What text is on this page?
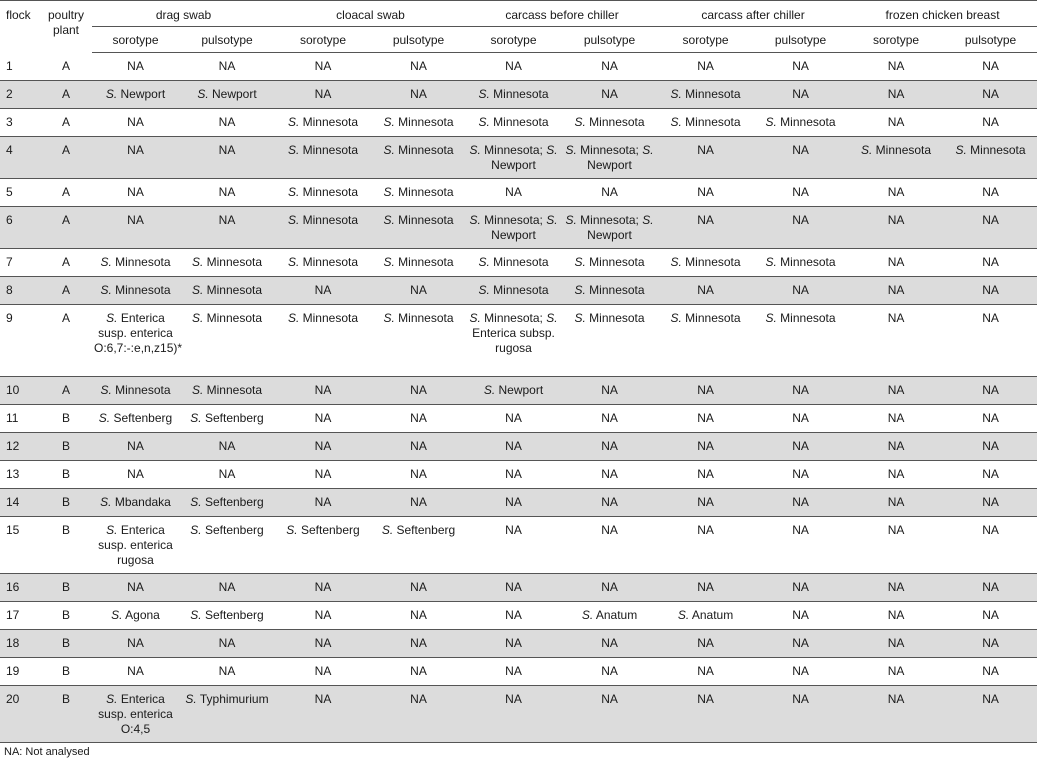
flock	poultry plant	drag swab		cloacal swab		carcass before chiller		carcass after chiller		frozen chicken breast	
		sorotype	pulsotype	sorotype	pulsotype	sorotype	pulsotype	sorotype	pulsotype	sorotype	pulsotype
1	A	NA	NA	NA	NA	NA	NA	NA	NA	NA	NA
2	A	S. Newport	S. Newport	NA	NA	S. Minnesota	NA	S. Minnesota	NA	NA	NA
3	A	NA	NA	S. Minnesota	S. Minnesota	S. Minnesota	S. Minnesota	S. Minnesota	S. Minnesota	NA	NA
4	A	NA	NA	S. Minnesota	S. Minnesota	S. Minnesota; S. Newport	S. Minnesota; S. Newport	NA	NA	S. Minnesota	S. Minnesota
5	A	NA	NA	S. Minnesota	S. Minnesota	NA	NA	NA	NA	NA	NA
6	A	NA	NA	S. Minnesota	S. Minnesota	S. Minnesota; S. Newport	S. Minnesota; S. Newport	NA	NA	NA	NA
7	A	S. Minnesota	S. Minnesota	S. Minnesota	S. Minnesota	S. Minnesota	S. Minnesota	S. Minnesota	S. Minnesota	NA	NA
8	A	S. Minnesota	S. Minnesota	NA	NA	S. Minnesota	S. Minnesota	NA	NA	NA	NA
9	A	S. Enterica susp. enterica O:6,7:-:e,n,z15)*	S. Minnesota	S. Minnesota	S. Minnesota	S. Minnesota; S. Enterica subsp. rugosa	S. Minnesota	S. Minnesota	S. Minnesota	NA	NA
10	A	S. Minnesota	S. Minnesota	NA	NA	S. Newport	NA	NA	NA	NA	NA
11	B	S. Seftenberg	S. Seftenberg	NA	NA	NA	NA	NA	NA	NA	NA
12	B	NA	NA	NA	NA	NA	NA	NA	NA	NA	NA
13	B	NA	NA	NA	NA	NA	NA	NA	NA	NA	NA
14	B	S. Mbandaka	S. Seftenberg	NA	NA	NA	NA	NA	NA	NA	NA
15	B	S. Enterica susp. enterica rugosa	S. Seftenberg	S. Seftenberg	S. Seftenberg	NA	NA	NA	NA	NA	NA
16	B	NA	NA	NA	NA	NA	NA	NA	NA	NA	NA
17	B	S. Agona	S. Seftenberg	NA	NA	NA	S. Anatum	S. Anatum	NA	NA	NA
18	B	NA	NA	NA	NA	NA	NA	NA	NA	NA	NA
19	B	NA	NA	NA	NA	NA	NA	NA	NA	NA	NA
20	B	S. Enterica susp. enterica O:4,5	S. Typhimurium	NA	NA	NA	NA	NA	NA	NA	NA
NA: Not analysed
